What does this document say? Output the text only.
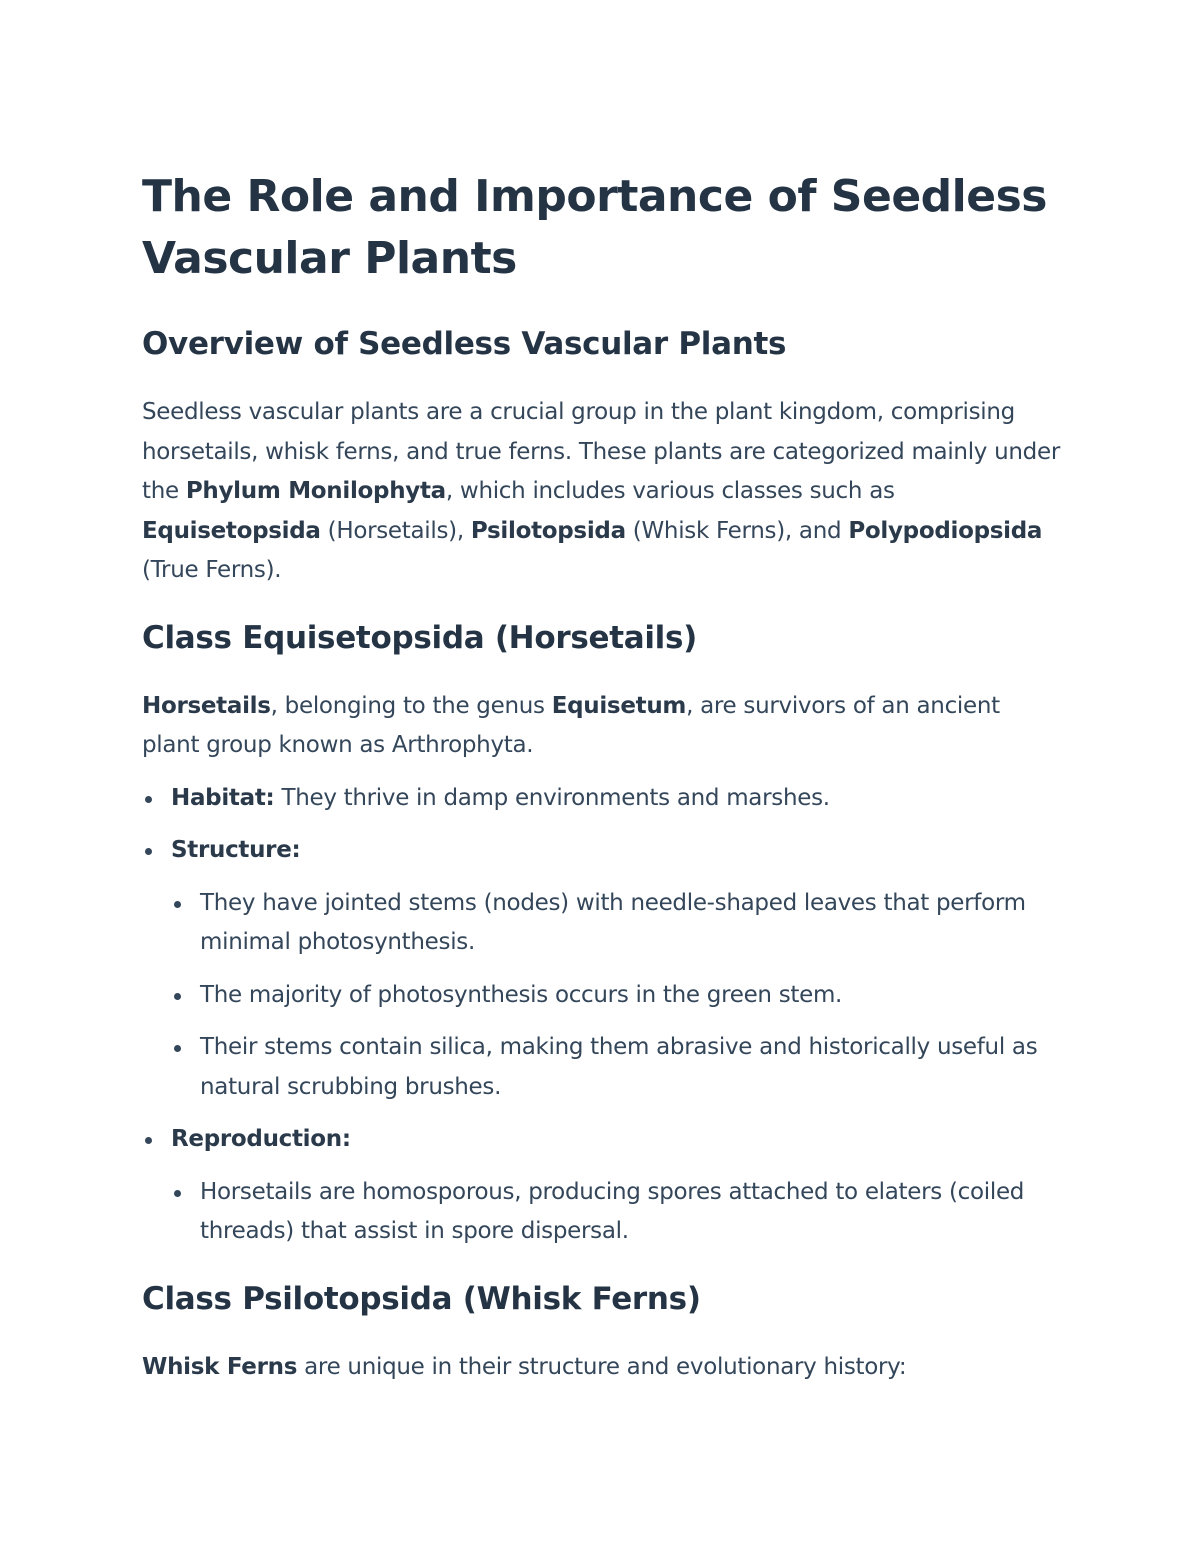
The Role and Importance of Seedless Vascular Plants
Overview of Seedless Vascular Plants

Seedless vascular plants are a crucial group in the plant kingdom, comprising horsetails, whisk ferns, and true ferns. These plants are categorized mainly under the Phylum Monilophyta, which includes various classes such as Equisetopsida (Horsetails), Psilotopsida (Whisk Ferns), and Polypodiopsida (True Ferns).

Class Equisetopsida (Horsetails)

Horsetails, belonging to the genus Equisetum, are survivors of an ancient plant group known as Arthrophyta.

Habitat: They thrive in damp environments and marshes.
Structure:
They have jointed stems (nodes) with needle-shaped leaves that perform minimal photosynthesis.
The majority of photosynthesis occurs in the green stem.
Their stems contain silica, making them abrasive and historically useful as natural scrubbing brushes.
Reproduction:
Horsetails are homosporous, producing spores attached to elaters (coiled threads) that assist in spore dispersal.
Class Psilotopsida (Whisk Ferns)

Whisk Ferns are unique in their structure and evolutionary history:
